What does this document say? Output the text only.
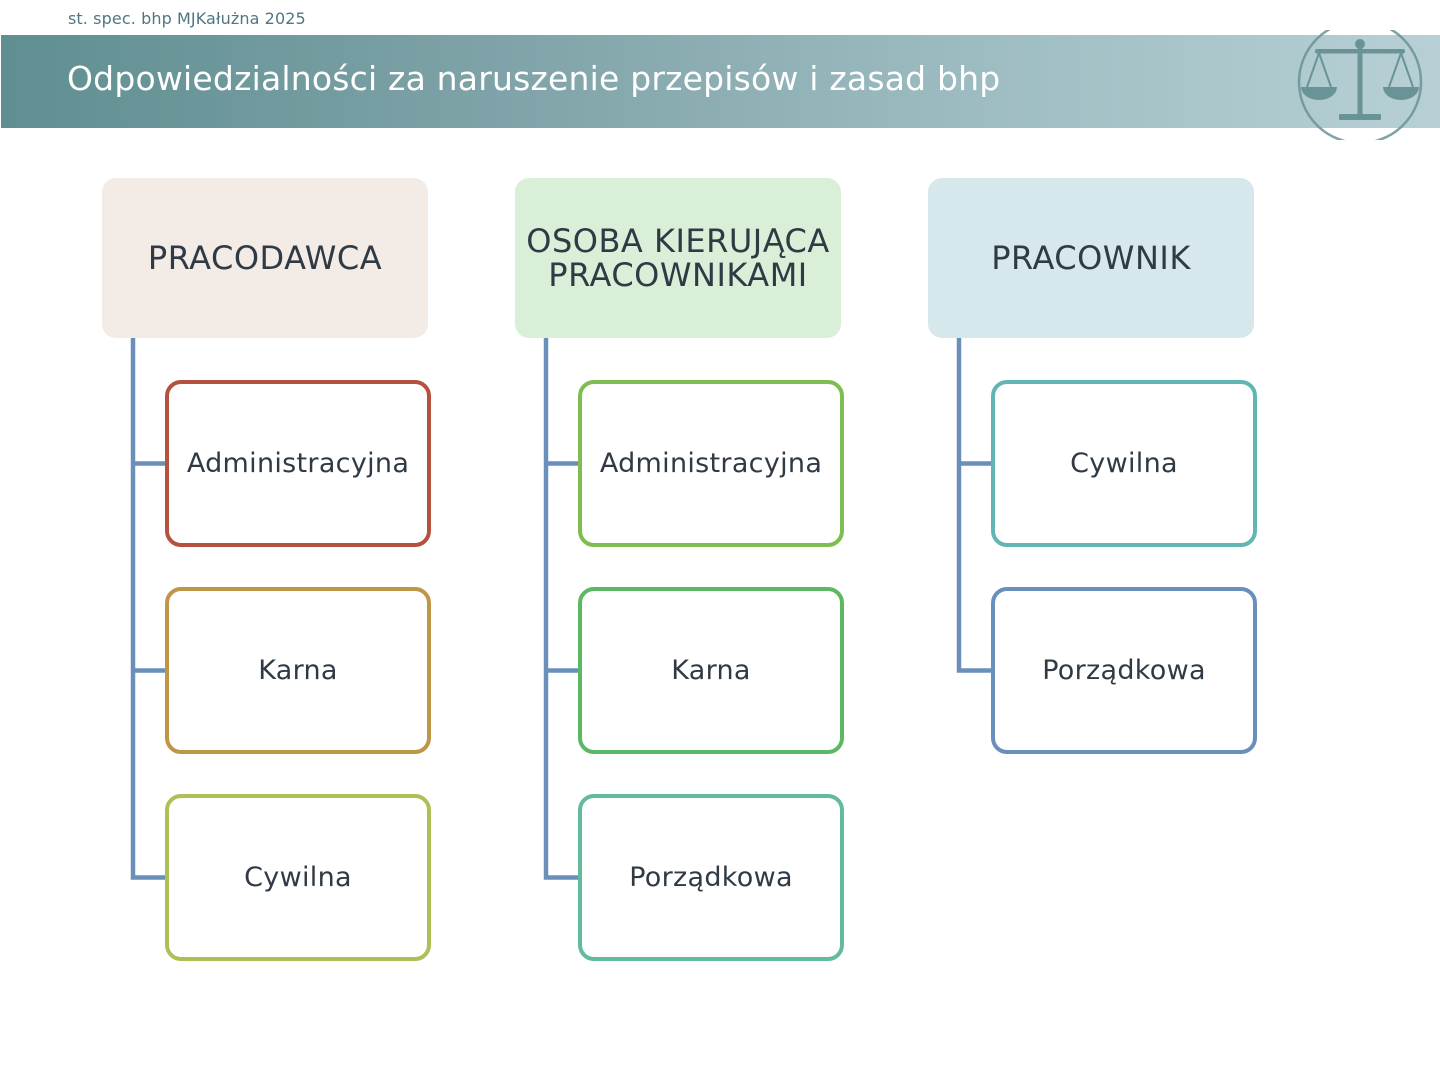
st. spec. bhp MJKałużna 2025
Odpowiedzialności za naruszenie przepisów i zasad bhp
PRACODAWCA
Administracyjna
Karna
Cywilna
OSOBA KIERUJĄCA PRACOWNIKAMI
Administracyjna
Karna
Porządkowa
PRACOWNIK
Cywilna
Porządkowa
